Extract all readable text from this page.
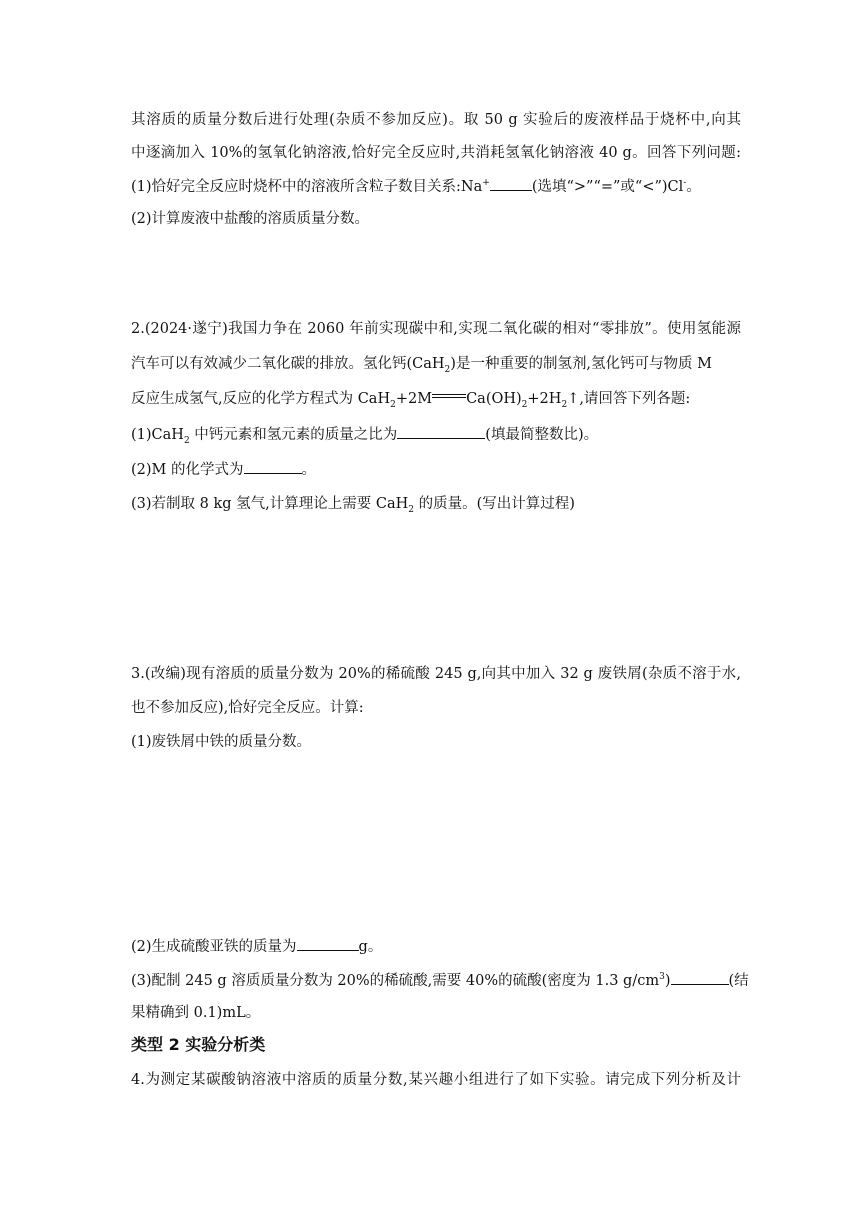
其溶质的质量分数后进行处理(杂质不参加反应)。取 50 g 实验后的废液样品于烧杯中,向其
中逐滴加入 10%的氢氧化钠溶液,恰好完全反应时,共消耗氢氧化钠溶液 40 g。回答下列问题:
(1)恰好完全反应时烧杯中的溶液所含粒子数目关系:Na+	(选填“>”“=”或“<”)Cl-。
(2)计算废液中盐酸的溶质质量分数。
2.(2024·遂宁)我国力争在 2060 年前实现碳中和,实现二氧化碳的相对“零排放”。使用氢能源
汽车可以有效减少二氧化碳的排放。氢化钙(CaH$_2$)是一种重要的制氢剂,氢化钙可与物质 M
反应生成氢气,反应的化学方程式为 CaH$_2$+2M $Ca(OH)_2+2H_2↑$,请回答下列各题:
(1)CaH$_2$ 中钙元素和氢元素的质量之比为	(填最简整数比)。
(2)M 的化学式为	。
(3)若制取 8 kg 氢气,计算理论上需要 CaH$_2$ 的质量。(写出计算过程)
3.(改编)现有溶质的质量分数为 20%的稀硫酸 245 g,向其中加入 32 g 废铁屑(杂质不溶于水,
也不参加反应),恰好完全反应。计算:
(1)废铁屑中铁的质量分数。
(2)生成硫酸亚铁的质量为	g。
(3)配制 245 g 溶质质量分数为 20%的稀硫酸,需要 40%的硫酸(密度为 1.3 $g/cm^3$)	(结
果精确到 0.1)mL。
类型 2 实验分析类
4.为测定某碳酸钠溶液中溶质的质量分数,某兴趣小组进行了如下实验。请完成下列分析及计
